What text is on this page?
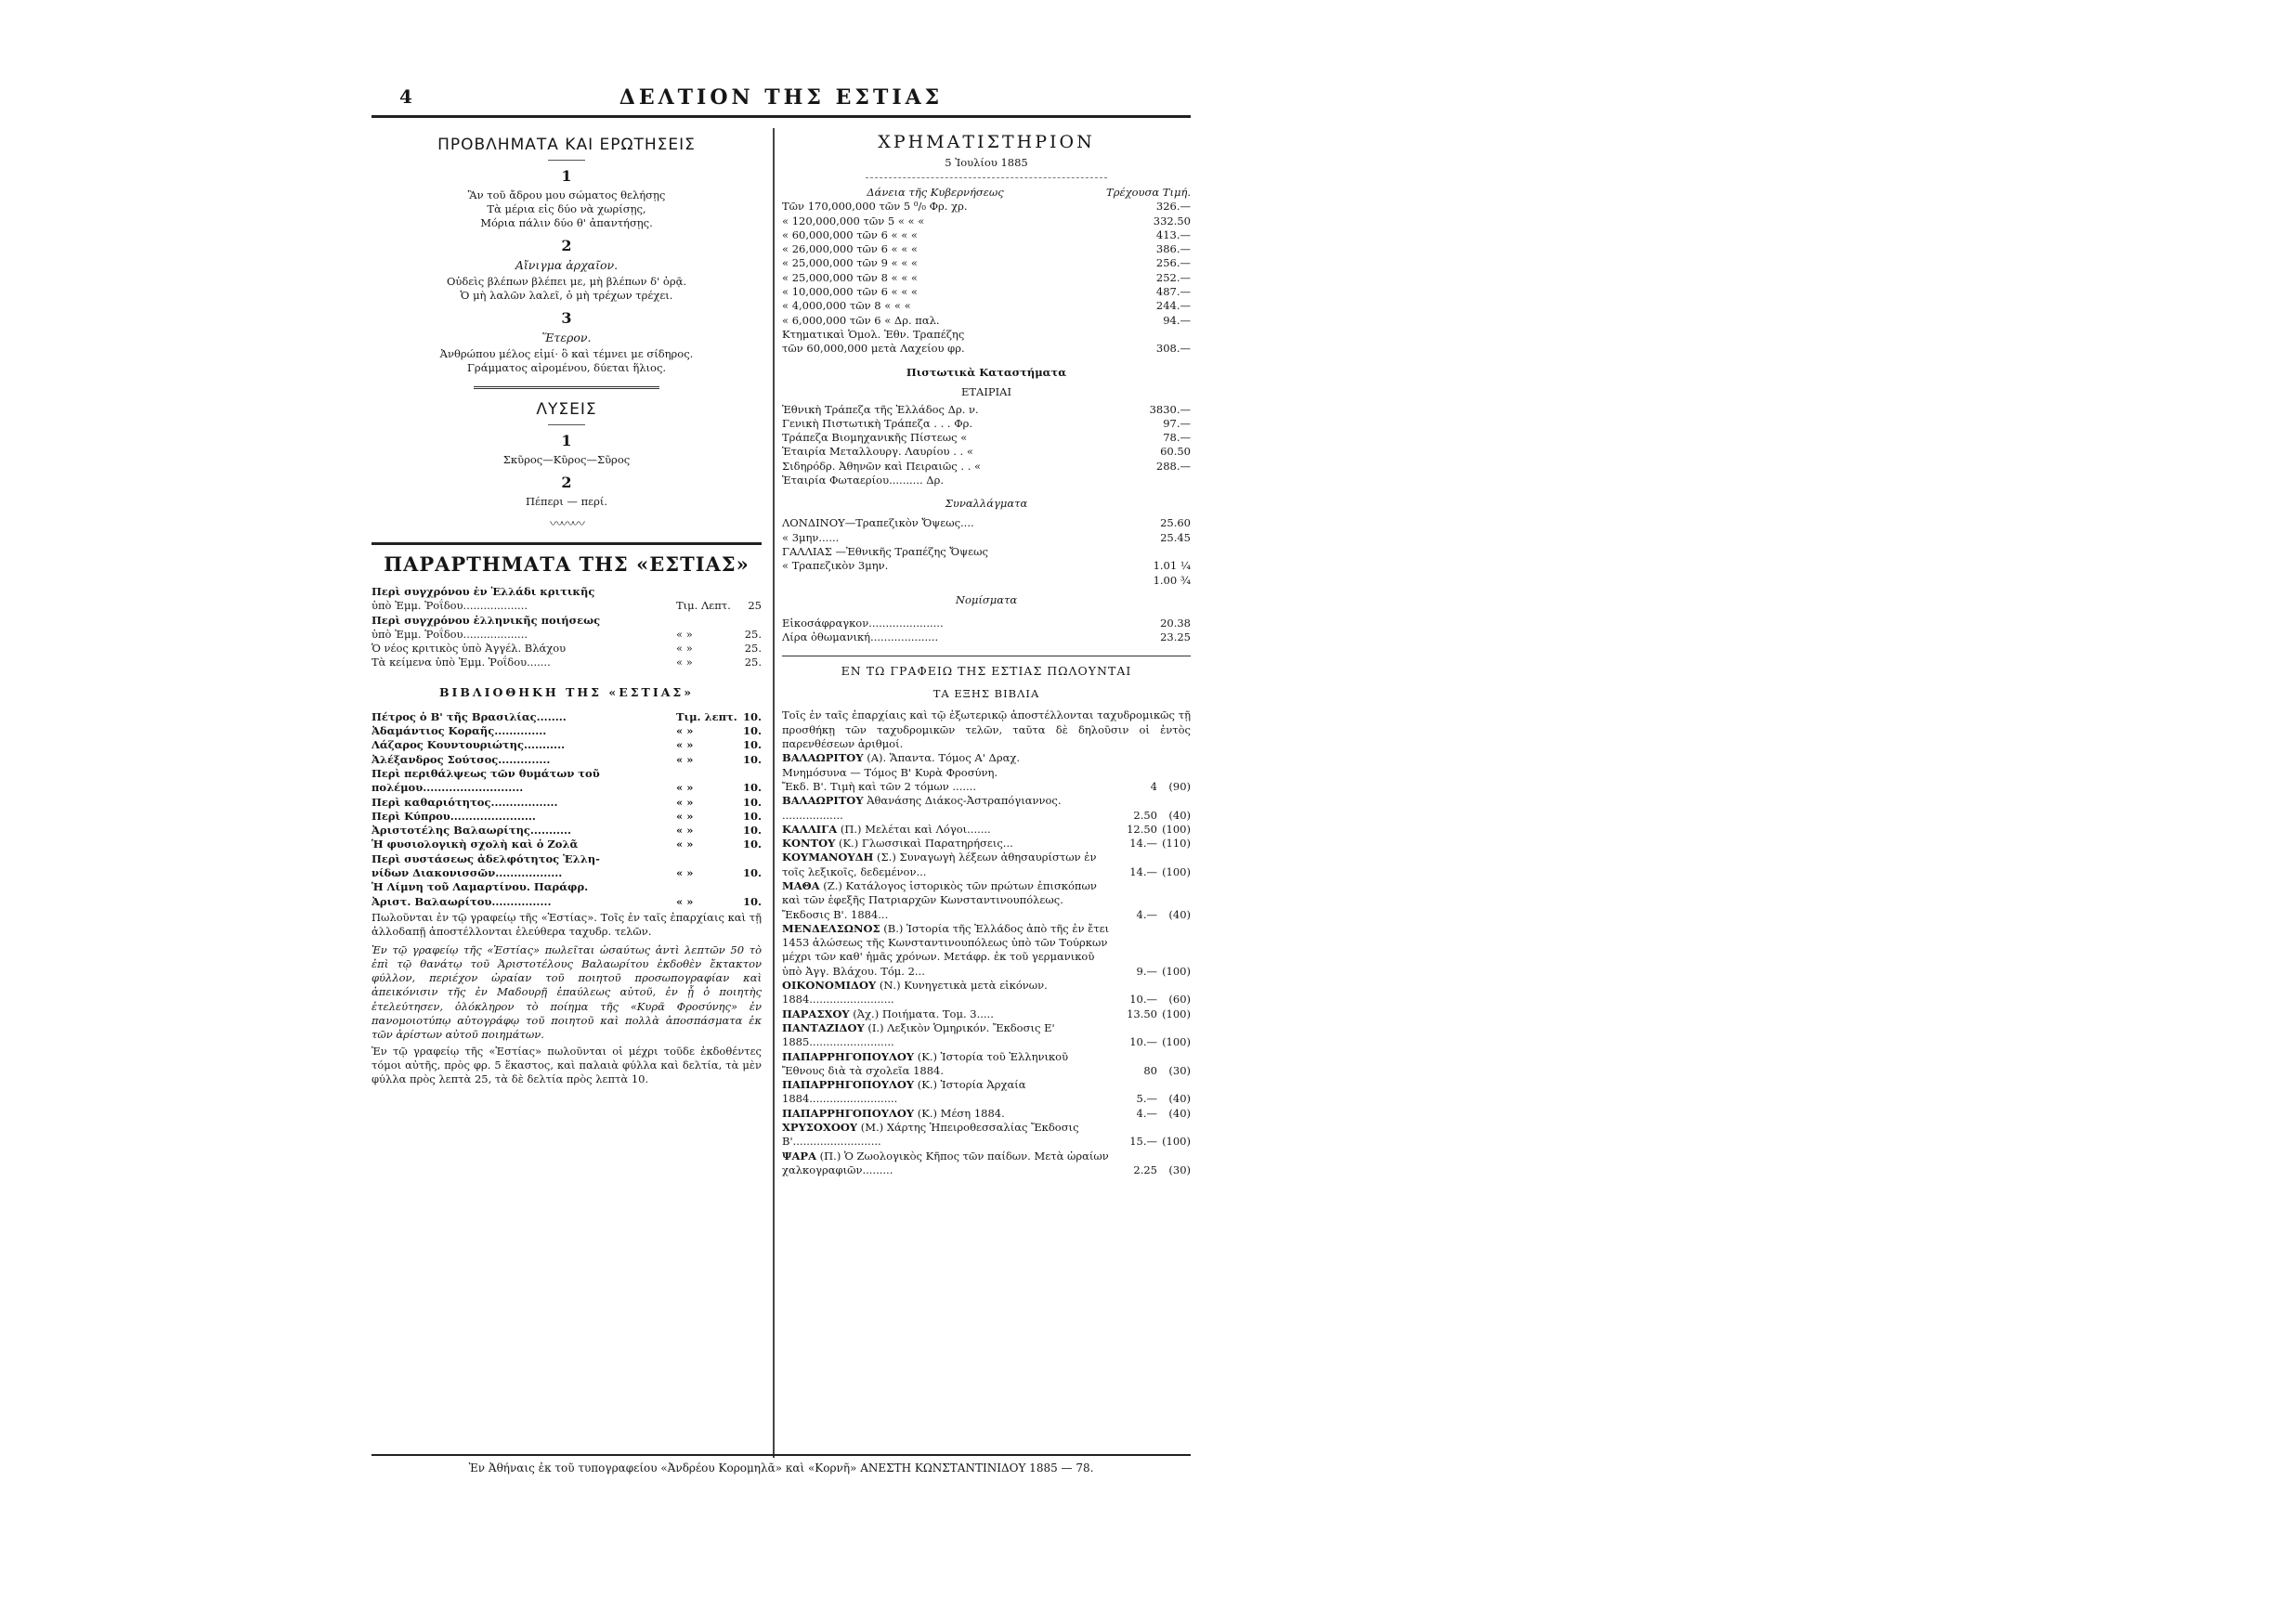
4	ΔΕΛΤΙΟΝ ΤΗΣ ΕΣΤΙΑΣ
ΠΡΟΒΛΗΜΑΤΑ ΚΑΙ ΕΡΩΤΗΣΕΙΣ
1
Ἂν τοῦ ἄδρου μου σώματος θελήσῃς
Τὰ μέρια εἰς δύο νὰ χωρίσῃς,
Μόρια πάλιν δύο θ' ἀπαντήσῃς.
2
Αἴνιγμα ἀρχαῖον.
Οὐδεὶς βλέπων βλέπει με, μὴ βλέπων δ' ὁρᾷ.
Ὁ μὴ λαλῶν λαλεῖ, ὁ μὴ τρέχων τρέχει.
3
Ἕτερον.
Ἀνθρώπου μέλος εἰμί· ὃ καὶ τέμνει με σίδηρος.
Γράμματος αἰρομένου, δύεται ἥλιος.
ΛΥΣΕΙΣ
1
Σκῦρος—Κῦρος—Σῦρος
2
Πέπερι — περί.
〰〰〰
ΠΑΡΑΡΤΗΜΑΤΑ ΤΗΣ «ΕΣΤΙΑΣ»
Περὶ συγχρόνου ἐν Ἑλλάδι κριτικῆς
ὑπὸ Ἐμμ. Ῥοΐδου...................	Τιμ. Λεπτ.	25
Περὶ συγχρόνου ἑλληνικῆς ποιήσεως
ὑπὸ Ἐμμ. Ῥοΐδου...................	« »	25.
Ὁ νέος κριτικὸς ὑπὸ Ἀγγέλ. Βλάχου	« »	25.
Τὰ κείμενα ὑπὸ Ἐμμ. Ῥοΐδου.......	« »	25.
ΒΙΒΛΙΟΘΗΚΗ ΤΗΣ «ΕΣΤΙΑΣ»
Πέτρος ὁ Β' τῆς Βρασιλίας........	Τιμ. λεπτ. 10.
Ἀδαμάντιος Κοραῆς..............	« »	10.
Λάζαρος Κουντουριώτης...........	« »	10.
Ἀλέξανδρος Σούτσος..............	« »	10.
Περὶ περιθάλψεως τῶν θυμάτων τοῦ
πολέμου...........................	« »	10.
Περὶ καθαριότητος..................	« »	10.
Περὶ Κύπρου.......................	« »	10.
Ἀριστοτέλης Βαλαωρίτης...........	« »	10.
Ἡ φυσιολογικὴ σχολὴ καὶ ὁ Ζολᾶ	« »	10.
Περὶ συστάσεως ἀδελφότητος Ἑλλη-
νίδων Διακονισσῶν..................	« »	10.
Ἡ Λίμνη τοῦ Λαμαρτίνου. Παράφρ.
Ἀριστ. Βαλαωρίτου................	« »	10.
Πωλοῦνται ἐν τῷ γραφείῳ τῆς «Ἑστίας». Τοῖς ἐν ταῖς ἐπαρχίαις καὶ τῇ ἀλλοδαπῇ ἀποστέλλονται ἐλεύθερα ταχυδρ. τελῶν.
Ἐν τῷ γραφείῳ τῆς «Ἑστίας» πωλεῖται ὡσαύτως ἀντὶ λεπτῶν 50 τὸ ἐπὶ τῷ θανάτῳ τοῦ Ἀριστοτέλους Βαλαωρίτου ἐκδοθὲν ἔκτακτον φύλλον, περιέχον ὡραίαν τοῦ ποιητοῦ προσωπογραφίαν καὶ ἀπεικόνισιν τῆς ἐν Μαδουρῇ ἐπαύλεως αὐτοῦ, ἐν ᾗ ὁ ποιητὴς ἐτελεύτησεν, ὁλόκληρον τὸ ποίημα τῆς «Κυρᾶ Φροσύνης» ἐν πανομοιοτύπῳ αὐτογράφῳ τοῦ ποιητοῦ καὶ πολλὰ ἀποσπάσματα ἐκ τῶν ἀρίστων αὐτοῦ ποιημάτων.
Ἐν τῷ γραφείῳ τῆς «Ἑστίας» πωλοῦνται οἱ μέχρι τοῦδε ἐκδοθέντες τόμοι αὐτῆς, πρὸς φρ. 5 ἕκαστος, καὶ παλαιὰ φύλλα καὶ δελτία, τὰ μὲν φύλλα πρὸς λεπτὰ 25, τὰ δὲ δελτία πρὸς λεπτὰ 10.
ΧΡΗΜΑΤΙΣΤΗΡΙΟΝ
5 Ἰουλίου 1885
Δάνεια τῆς Κυβερνήσεως	Τρέχουσα Τιμή.
Τῶν 170,000,000 τῶν 5 ⁰/₀ Φρ. χρ.	326.—
« 120,000,000 τῶν 5 « « «	332.50
« 60,000,000 τῶν 6 « « «	413.—
« 26,000,000 τῶν 6 « « «	386.—
« 25,000,000 τῶν 9 « « «	256.—
« 25,000,000 τῶν 8 « « «	252.—
« 10,000,000 τῶν 6 « « «	487.—
« 4,000,000 τῶν 8 « « «	244.—
« 6,000,000 τῶν 6 « Δρ. παλ.	94.—
Κτηματικαὶ Ὁμολ. Ἐθν. Τραπέζης
τῶν 60,000,000 μετὰ Λαχείου φρ.	308.—
Πιστωτικὰ Καταστήματα
ΕΤΑΙΡΙΑΙ
Ἐθνικὴ Τράπεζα τῆς Ἑλλάδος Δρ. ν.	3830.—
Γενικὴ Πιστωτικὴ Τράπεζα . . . Φρ.	97.—
Τράπεζα Βιομηχανικῆς Πίστεως «	78.—
Ἑταιρία Μεταλλουργ. Λαυρίου . . «	60.50
Σιδηρόδρ. Ἀθηνῶν καὶ Πειραιῶς . . «	288.—
Ἑταιρία Φωταερίου.......... Δρ.
Συναλλάγματα
ΛΟΝΔΙΝΟΥ—Τραπεζικὸν Ὄψεως....	25.60
« 3μην......	25.45
ΓΑΛΛΙΑΣ —Ἐθνικῆς Τραπέζης Ὄψεως
« Τραπεζικὸν 3μην.	1.01 ¼
1.00 ¾
Νομίσματα
Εἰκοσάφραγκον......................	20.38
Λίρα ὀθωμανική....................	23.25
ΕΝ ΤΩ ΓΡΑΦΕΙΩ ΤΗΣ ΕΣΤΙΑΣ ΠΩΛΟΥΝΤΑΙ
ΤΑ ΕΞΗΣ ΒΙΒΛΙΑ
Τοῖς ἐν ταῖς ἐπαρχίαις καὶ τῷ ἐξωτερικῷ ἀποστέλλονται ταχυδρομικῶς τῇ προσθήκῃ τῶν ταχυδρομικῶν τελῶν, ταῦτα δὲ δηλοῦσιν οἱ ἐντὸς παρενθέσεων ἀριθμοί.
ΒΑΛΑΩΡΙΤΟΥ (Α). Ἅπαντα. Τόμος Α' Δραχ.
Μνημόσυνα — Τόμος Β' Κυρὰ Φροσύνη.
Ἔκδ. Β'. Τιμὴ καὶ τῶν 2 τόμων .......	4	(90)
ΒΑΛΑΩΡΙΤΟΥ Ἀθανάσης Διάκος-Ἀστραπόγιαννος. ..................	2.50	(40)
ΚΑΛΛΙΓΑ (Π.) Μελέται καὶ Λόγοι.......	12.50 (100)
ΚΟΝΤΟΥ (Κ.) Γλωσσικαὶ Παρατηρήσεις...	14.— (110)
ΚΟΥΜΑΝΟΥΔΗ (Σ.) Συναγωγὴ λέξεων ἀθησαυρίστων ἐν τοῖς λεξικοῖς, δεδεμένον...	14.— (100)
ΜΑΘΑ (Ζ.) Κατάλογος ἱστορικὸς τῶν πρώτων ἐπισκόπων καὶ τῶν ἐφεξῆς Πατριαρχῶν Κωνσταντινουπόλεως. Ἔκδοσις Β'. 1884...	4.—	(40)
ΜΕΝΔΕΛΣΩΝΟΣ (Β.) Ἱστορία τῆς Ἑλλάδος ἀπὸ τῆς ἐν ἔτει 1453 ἁλώσεως τῆς Κωνσταντινουπόλεως ὑπὸ τῶν Τούρκων μέχρι τῶν καθ' ἡμᾶς χρόνων. Μετάφρ. ἐκ τοῦ γερμανικοῦ ὑπὸ Ἀγγ. Βλάχου. Τόμ. 2...	9.— (100)
ΟΙΚΟΝΟΜΙΔΟΥ (Ν.) Κυνηγετικὰ μετὰ εἰκόνων. 1884.........................	10.—	(60)
ΠΑΡΑΣΧΟΥ (Ἀχ.) Ποιήματα. Τομ. 3.....	13.50 (100)
ΠΑΝΤΑΖΙΔΟΥ (Ι.) Λεξικὸν Ὁμηρικόν. Ἔκδοσις Ε' 1885.........................	10.— (100)
ΠΑΠΑΡΡΗΓΟΠΟΥΛΟΥ (Κ.) Ἱστορία τοῦ Ἑλληνικοῦ Ἔθνους διὰ τὰ σχολεῖα 1884.	80	(30)
ΠΑΠΑΡΡΗΓΟΠΟΥΛΟΥ (Κ.) Ἱστορία Ἀρχαία 1884..........................	5.—	(40)
ΠΑΠΑΡΡΗΓΟΠΟΥΛΟΥ (Κ.) Μέση 1884.	4.—	(40)
ΧΡΥΣΟΧΟΟΥ (Μ.) Χάρτης Ἠπειροθεσσαλίας Ἔκδοσις Β'..........................	15.— (100)
ΨΑΡΑ (Π.) Ὁ Ζωολογικὸς Κῆπος τῶν παίδων. Μετὰ ὡραίων χαλκογραφιῶν.........	2.25	(30)
Ἐν Ἀθήναις ἐκ τοῦ τυπογραφείου «Ἀνδρέου Κορομηλᾶ» καὶ «Κορνῆ» ΑΝΕΣΤΗ ΚΩΝΣΤΑΝΤΙΝΙΔΟΥ 1885 — 78.
